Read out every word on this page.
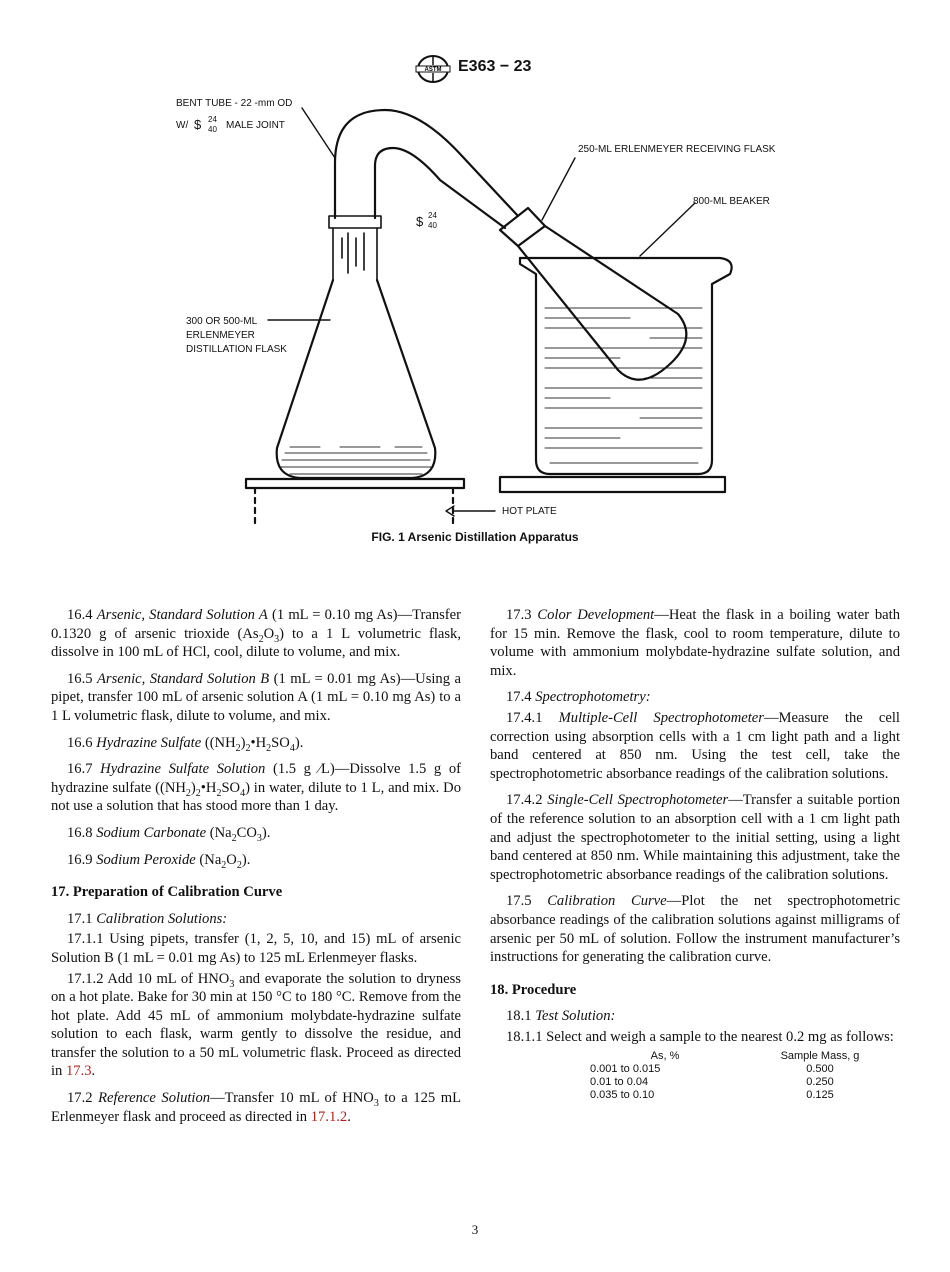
ASTM E363 − 23
BENT TUBE - 22 -mm OD
W/ $ 24
40 MALE JOINT
$ 24
40
250-ML ERLENMEYER RECEIVING FLASK
800-ML BEAKER
300 OR 500-ML
ERLENMEYER
DISTILLATION FLASK
HOT PLATE
FIG. 1 Arsenic Distillation Apparatus

16.4 Arsenic, Standard Solution A (1 mL = 0.10 mg As)—Transfer 0.1320 g of arsenic trioxide $(As_2O_3)$ to a 1 L volumetric flask, dissolve in 100 mL of HCl, cool, dilute to volume, and mix.

16.5 Arsenic, Standard Solution B (1 mL = 0.01 mg As)—Using a pipet, transfer 100 mL of arsenic solution A (1 mL = 0.10 mg As) to a 1 L volumetric flask, dilute to volume, and mix.

16.6 Hydrazine Sulfate $((NH_2)_2•H_2SO_4)$.

16.7 Hydrazine Sulfate Solution (1.5 g ⁄L)—Dissolve 1.5 g of hydrazine sulfate $((NH_2)_2•H_2SO_4)$ in water, dilute to 1 L, and mix. Do not use a solution that has stood more than 1 day.

16.8 Sodium Carbonate $(Na_2CO_3)$.

16.9 Sodium Peroxide $(Na_2O_2)$.

17. Preparation of Calibration Curve

17.1 Calibration Solutions:

17.1.1 Using pipets, transfer (1, 2, 5, 10, and 15) mL of arsenic Solution B (1 mL = 0.01 mg As) to 125 mL Erlenmeyer flasks.

17.1.2 Add 10 mL of $HNO_3$ and evaporate the solution to dryness on a hot plate. Bake for 30 min at 150 °C to 180 °C. Remove from the hot plate. Add 45 mL of ammonium molybdate-hydrazine sulfate solution to each flask, warm gently to dissolve the residue, and transfer the solution to a 50 mL volumetric flask. Proceed as directed in 17.3.

17.2 Reference Solution—Transfer 10 mL of $HNO_3$ to a 125 mL Erlenmeyer flask and proceed as directed in 17.1.2.

17.3 Color Development—Heat the flask in a boiling water bath for 15 min. Remove the flask, cool to room temperature, dilute to volume with ammonium molybdate-hydrazine sulfate solution, and mix.

17.4 Spectrophotometry:

17.4.1 Multiple-Cell Spectrophotometer—Measure the cell correction using absorption cells with a 1 cm light path and a light band centered at 850 nm. Using the test cell, take the spectrophotometric absorbance readings of the calibration solutions.

17.4.2 Single-Cell Spectrophotometer—Transfer a suitable portion of the reference solution to an absorption cell with a 1 cm light path and adjust the spectrophotometer to the initial setting, using a light band centered at 850 nm. While maintaining this adjustment, take the spectrophotometric absorbance readings of the calibration solutions.

17.5 Calibration Curve—Plot the net spectrophotometric absorbance readings of the calibration solutions against milligrams of arsenic per 50 mL of solution. Follow the instrument manufacturer’s instructions for generating the calibration curve.

18. Procedure

18.1 Test Solution:

18.1.1 Select and weigh a sample to the nearest 0.2 mg as follows:

As, %	Sample Mass, g
0.001 to 0.015	0.500
0.01 to 0.04	0.250
0.035 to 0.10	0.125
3
